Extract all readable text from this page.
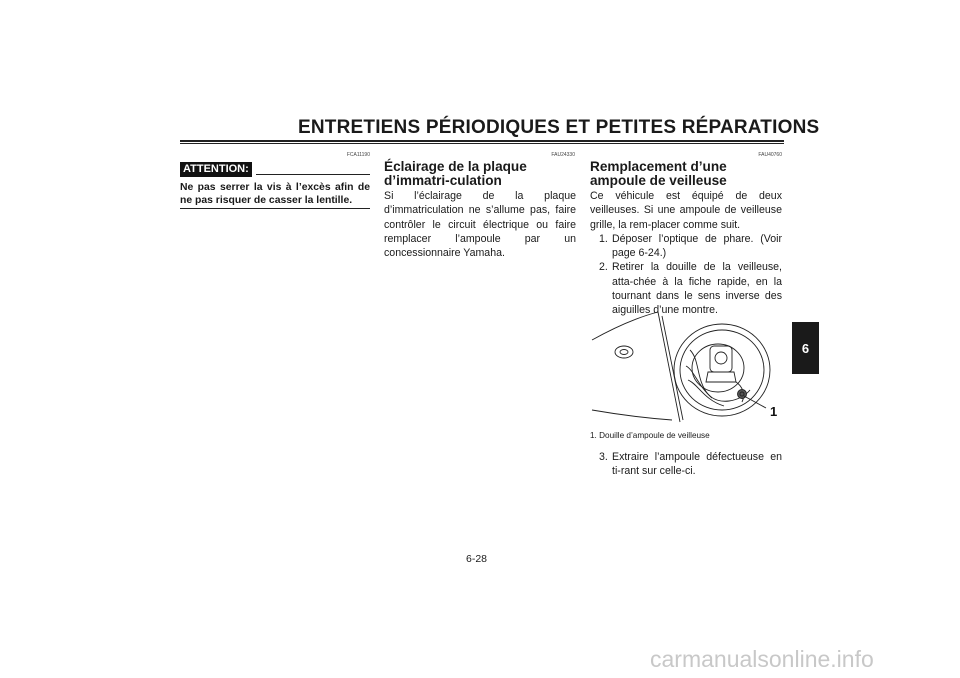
ENTRETIENS PÉRIODIQUES ET PETITES RÉPARATIONS
FCA11190
ATTENTION:
Ne pas serrer la vis à l’excès afin de ne pas risquer de casser la lentille.
FAU24330
Éclairage de la plaque d’immatri-culation

Si l’éclairage de la plaque d’immatriculation ne s’allume pas, faire contrôler le circuit électrique ou faire remplacer l’ampoule par un concessionnaire Yamaha.

FAU40760
Remplacement d’une ampoule de veilleuse

Ce véhicule est équipé de deux veilleuses. Si une ampoule de veilleuse grille, la rem-placer comme suit.

1. Déposer l’optique de phare. (Voir page 6-24.)
2. Retirer la douille de la veilleuse, atta-chée à la fiche rapide, en la tournant dans le sens inverse des aiguilles d’une montre.
1
1. Douille d’ampoule de veilleuse
3. Extraire l’ampoule défectueuse en ti-rant sur celle-ci.
6-28
6
carmanualsonline.info
